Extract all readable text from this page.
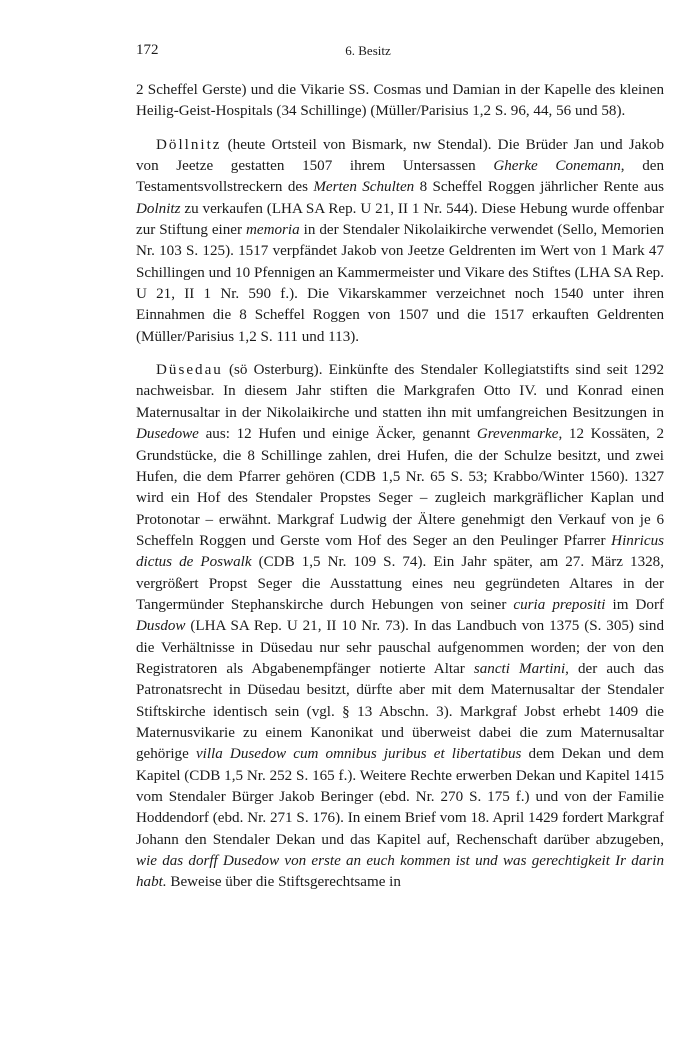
172	6. Besitz

2 Scheffel Gerste) und die Vikarie SS. Cosmas und Damian in der Kapelle des kleinen Heilig-Geist-Hospitals (34 Schillinge) (Müller/Parisius 1,2 S. 96, 44, 56 und 58).

Döllnitz (heute Ortsteil von Bismark, nw Stendal). Die Brüder Jan und Jakob von Jeetze gestatten 1507 ihrem Untersassen Gherke Conemann, den Testamentsvollstreckern des Merten Schulten 8 Scheffel Roggen jährlicher Rente aus Dolnitz zu verkaufen (LHA SA Rep. U 21, II 1 Nr. 544). Diese Hebung wurde offenbar zur Stiftung einer memoria in der Stendaler Nikolaikirche verwendet (Sello, Memorien Nr. 103 S. 125). 1517 verpfändet Jakob von Jeetze Geldrenten im Wert von 1 Mark 47 Schillingen und 10 Pfennigen an Kammermeister und Vikare des Stiftes (LHA SA Rep. U 21, II 1 Nr. 590 f.). Die Vikarskammer verzeichnet noch 1540 unter ihren Einnahmen die 8 Scheffel Roggen von 1507 und die 1517 erkauften Geldrenten (Müller/Parisius 1,2 S. 111 und 113).

Düsedau (sö Osterburg). Einkünfte des Stendaler Kollegiatstifts sind seit 1292 nachweisbar. In diesem Jahr stiften die Markgrafen Otto IV. und Konrad einen Maternusaltar in der Nikolaikirche und statten ihn mit umfangreichen Besitzungen in Dusedowe aus: 12 Hufen und einige Äcker, genannt Grevenmarke, 12 Kossäten, 2 Grundstücke, die 8 Schillinge zahlen, drei Hufen, die der Schulze besitzt, und zwei Hufen, die dem Pfarrer gehören (CDB 1,5 Nr. 65 S. 53; Krabbo/Winter 1560). 1327 wird ein Hof des Stendaler Propstes Seger – zugleich markgräflicher Kaplan und Protonotar – erwähnt. Markgraf Ludwig der Ältere genehmigt den Verkauf von je 6 Scheffeln Roggen und Gerste vom Hof des Seger an den Peulinger Pfarrer Hinricus dictus de Poswalk (CDB 1,5 Nr. 109 S. 74). Ein Jahr später, am 27. März 1328, vergrößert Propst Seger die Ausstattung eines neu gegründeten Altares in der Tangermünder Stephanskirche durch Hebungen von seiner curia prepositi im Dorf Dusdow (LHA SA Rep. U 21, II 10 Nr. 73). In das Landbuch von 1375 (S. 305) sind die Verhältnisse in Düsedau nur sehr pauschal aufgenommen worden; der von den Registratoren als Abgabenempfänger notierte Altar sancti Martini, der auch das Patronatsrecht in Düsedau besitzt, dürfte aber mit dem Maternusaltar der Stendaler Stiftskirche identisch sein (vgl. § 13 Abschn. 3). Markgraf Jobst erhebt 1409 die Maternusvikarie zu einem Kanonikat und überweist dabei die zum Maternusaltar gehörige villa Dusedow cum omnibus juribus et libertatibus dem Dekan und dem Kapitel (CDB 1,5 Nr. 252 S. 165 f.). Weitere Rechte erwerben Dekan und Kapitel 1415 vom Stendaler Bürger Jakob Beringer (ebd. Nr. 270 S. 175 f.) und von der Familie Hoddendorf (ebd. Nr. 271 S. 176). In einem Brief vom 18. April 1429 fordert Markgraf Johann den Stendaler Dekan und das Kapitel auf, Rechenschaft darüber abzugeben, wie das dorff Dusedow von erste an euch kommen ist und was gerechtigkeit Ir darin habt. Beweise über die Stiftsgerechtsame in
